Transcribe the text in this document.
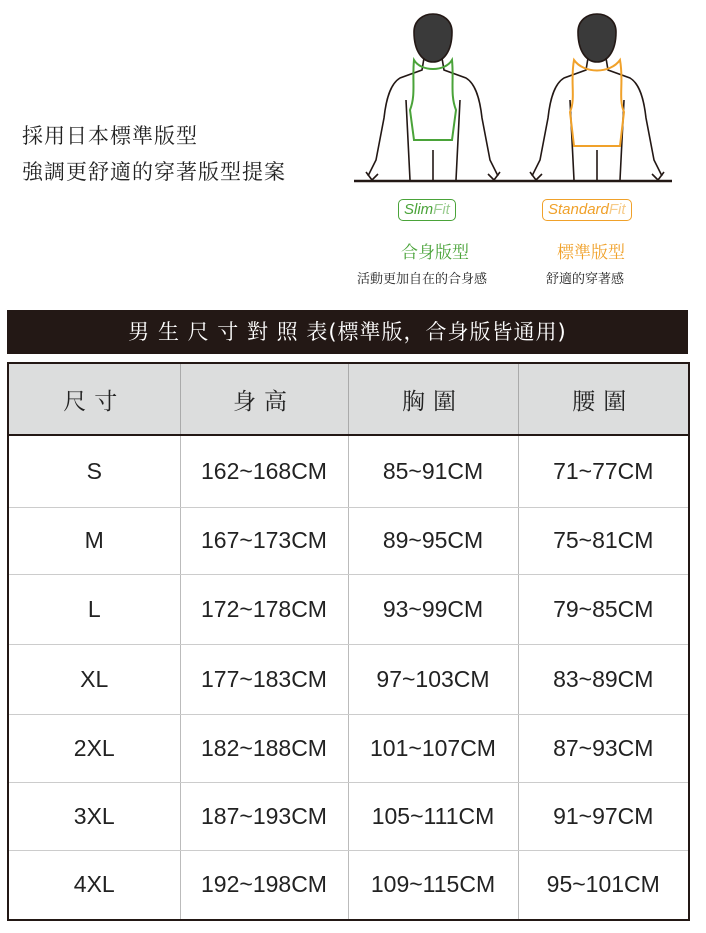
採用日本標準版型
強調更舒適的穿著版型提案
SlimFit	StandardFit
合身版型	標準版型
活動更加自在的合身感	舒適的穿著感
男 生 尺 寸 對 照 表(標準版，合身版皆通用)
尺寸	身高	胸圍	腰圍
S	162~168CM	85~91CM	71~77CM
M	167~173CM	89~95CM	75~81CM
L	172~178CM	93~99CM	79~85CM
XL	177~183CM	97~103CM	83~89CM
2XL	182~188CM	101~107CM	87~93CM
3XL	187~193CM	105~111CM	91~97CM
4XL	192~198CM	109~115CM	95~101CM
